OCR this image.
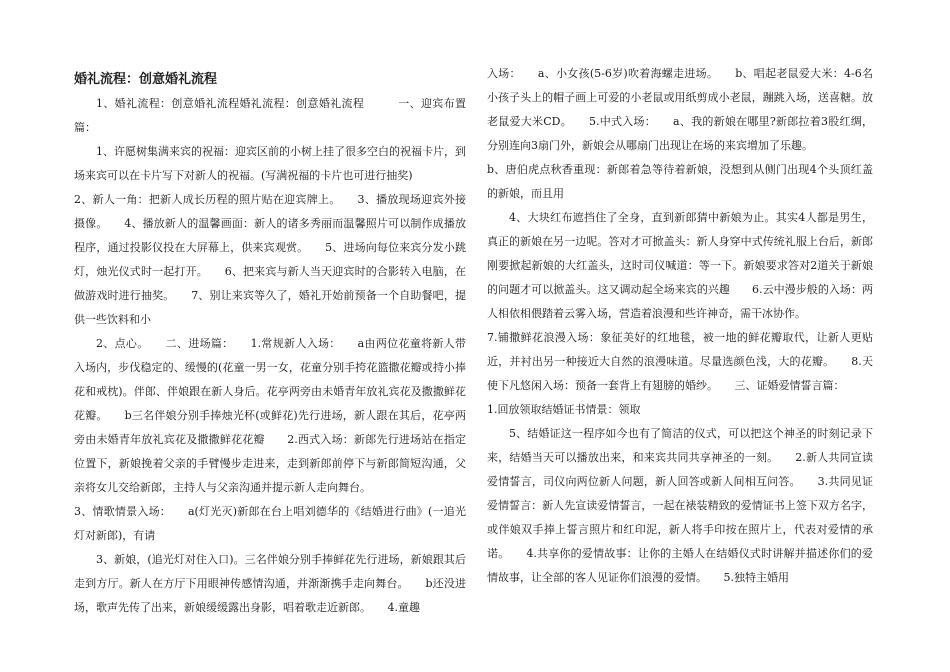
婚礼流程：创意婚礼流程

1、婚礼流程：创意婚礼流程婚礼流程：创意婚礼流程　　　一、迎宾布置篇：

1、许愿树集满来宾的祝福：迎宾区前的小树上挂了很多空白的祝福卡片，到场来宾可以在卡片写下对新人的祝福。(写满祝福的卡片也可进行抽奖)

2、新人一角：把新人成长历程的照片贴在迎宾牌上。　　3、播放现场迎宾外接摄像。　　4、播放新人的温馨画面：新人的诸多秀丽而温馨照片可以制作成播放程序，通过投影仪投在大屏幕上，供来宾观赏。　　5、进场向每位来宾分发小跳灯，烛光仪式时一起打开。　　6、把来宾与新人当天迎宾时的合影转入电脑，在做游戏时进行抽奖。　　7、别让来宾等久了，婚礼开始前预备一个自助餐吧，提供一些饮料和小

2、点心。　　二、进场篇：　　1.常规新人入场：　　a由两位花童将新人带入场内，步伐稳定的、缓慢的(花童一男一女，花童分别手挎花篮撒花瓣或持小捧花和戒枕)。伴郎、伴娘跟在新人身后。花亭两旁由未婚青年放礼宾花及撒撒鲜花花瓣。　　b三名伴娘分别手捧烛光杯(或鲜花)先行进场，新人跟在其后，花亭两旁由未婚青年放礼宾花及撒撒鲜花花瓣　　2.西式入场：新郎先行进场站在指定位置下，新娘挽着父亲的手臂慢步走进来，走到新郎前停下与新郎简短沟通，父亲将女儿交给新郎，主持人与父亲沟通并提示新人走向舞台。

3、情歌情景入场：　　a(灯光灭)新郎在台上唱刘德华的《结婚进行曲》(一追光灯对新郎)，有请

3、新娘，(追光灯对住入口)。三名伴娘分别手捧鲜花先行进场，新娘跟其后走到方厅。新人在方厅下用眼神传感情沟通，并渐渐携手走向舞台。　　b还没进场，歌声先传了出来，新娘缓缓露出身影，唱着歌走近新郎。　　4.童趣

入场：　　a、小女孩(5-6岁)吹着海螺走进场。　　b、唱起老鼠爱大米：4-6名小孩子头上的帽子画上可爱的小老鼠或用纸剪成小老鼠，蹦跳入场，送喜糖。放老鼠爱大米CD。　　5.中式入场：　　a、我的新娘在哪里?新郎拉着3股红绸，分别连向3扇门外，新娘会从哪扇门出现让在场的来宾增加了乐趣。

b、唐伯虎点秋香重现：新郎着急等待着新娘，没想到从侧门出现4个头顶红盖的新娘，而且用

4、大块红布遮挡住了全身，直到新郎猜中新娘为止。其实4人都是男生，真正的新娘在另一边呢。答对才可掀盖头：新人身穿中式传统礼服上台后，新郎刚要掀起新娘的大红盖头，这时司仪喊道：等一下。新娘要求答对2道关于新娘的问题才可以掀盖头。这又调动起全场来宾的兴趣　　6.云中漫步般的入场：两人相依相偎踏着云雾入场，营造着浪漫和些许神奇，需干冰协作。

7.铺撒鲜花浪漫入场：象征美好的红地毯，被一地的鲜花瓣取代，让新人更贴近，并衬出另一种接近大自然的浪漫味道。尽量选颜色浅，大的花瓣。　　8.天使下凡悠闲入场：预备一套背上有翅膀的婚纱。　　三、证婚爱情誓言篇：

1.回放领取结婚证书情景：领取

5、结婚证这一程序如今也有了简洁的仪式，可以把这个神圣的时刻记录下来，结婚当天可以播放出来，和来宾共同共享神圣的一刻。　　2.新人共同宣读爱情誓言，司仪向两位新人问题，新人回答或新人间相互问答。　　3.共同见证爱情誓言：新人先宣读爱情誓言，一起在裱装精致的爱情证书上签下双方名字，或伴娘双手捧上誓言照片和红印泥，新人将手印按在照片上，代表对爱情的承诺。　　4.共享你的爱情故事：让你的主婚人在结婚仪式时讲解并描述你们的爱情故事，让全部的客人见证你们浪漫的爱情。　　5.独特主婚用
